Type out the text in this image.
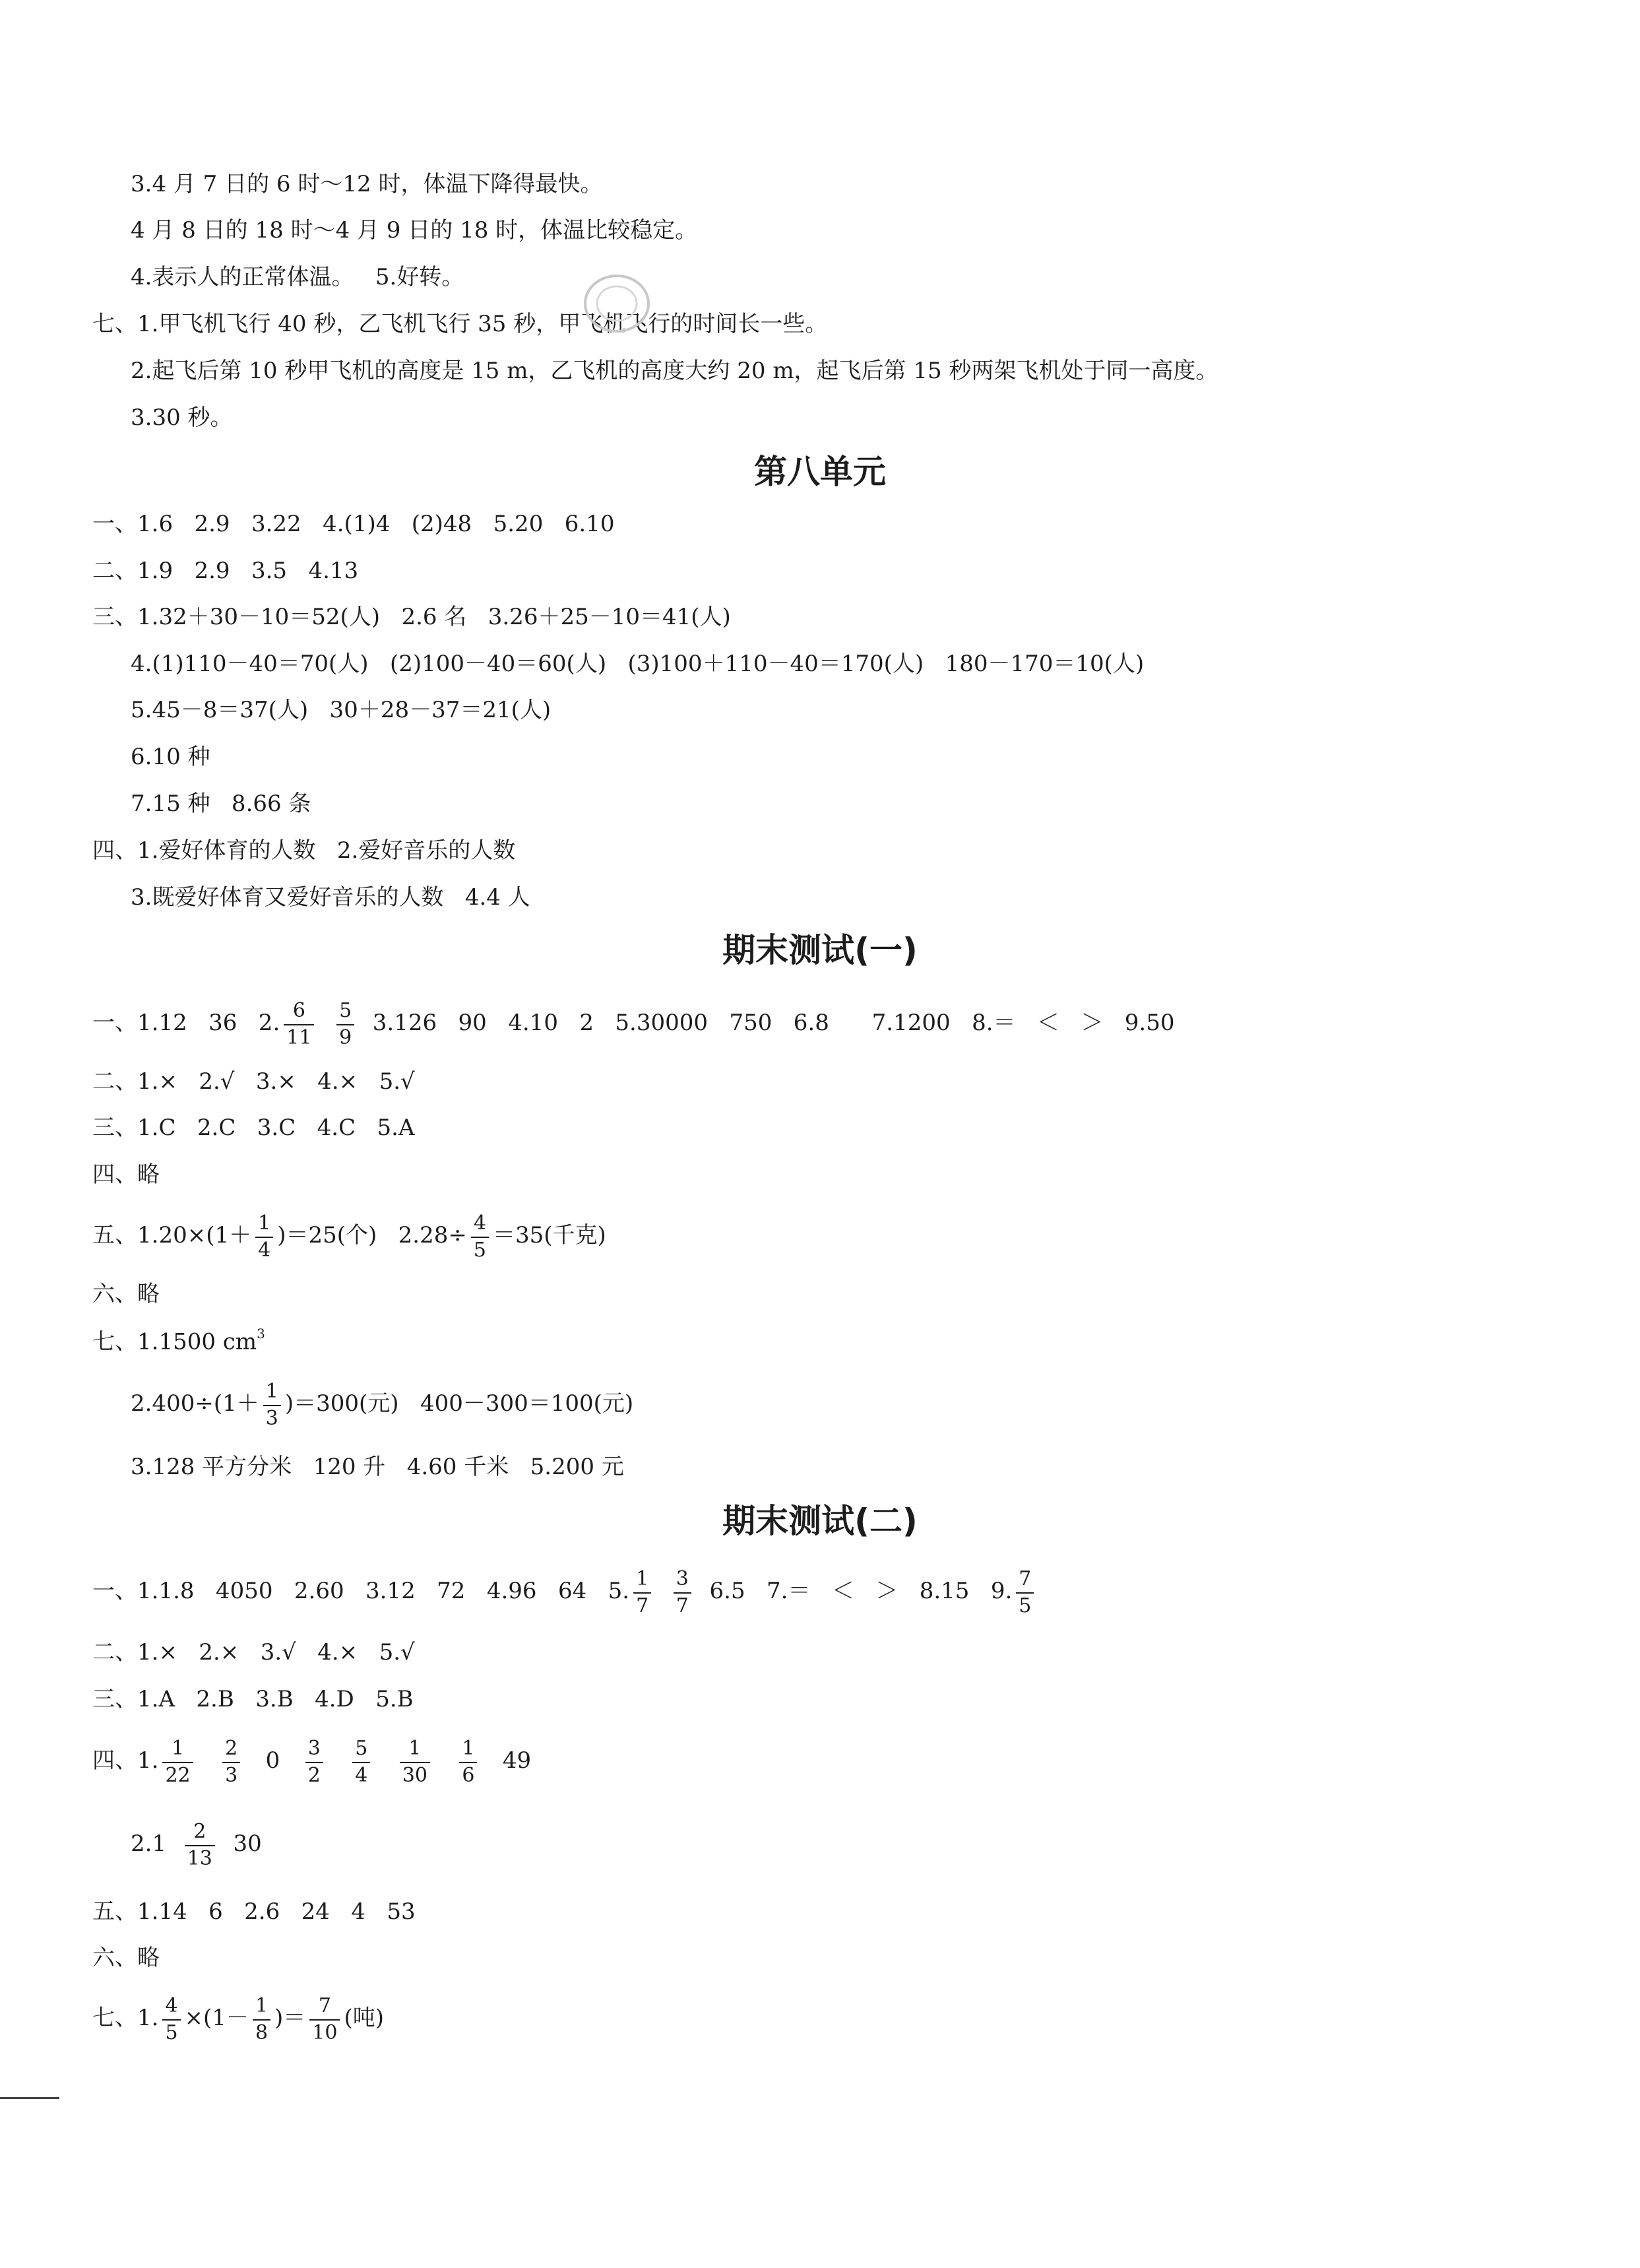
3.4 月 7 日的 6 时～12 时，体温下降得最快。
4 月 8 日的 18 时～4 月 9 日的 18 时，体温比较稳定。
4.表示人的正常体温。   5.好转。
七、1.甲飞机飞行 40 秒，乙飞机飞行 35 秒，甲飞机飞行的时间长一些。
2.起飞后第 10 秒甲飞机的高度是 15 m，乙飞机的高度大约 20 m，起飞后第 15 秒两架飞机处于同一高度。
3.30 秒。
第八单元
一、1.6   2.9   3.22   4.(1)4   (2)48   5.20   6.10
二、1.9   2.9   3.5   4.13
三、1.32＋30－10＝52(人)   2.6 名   3.26＋25－10＝41(人)
4.(1)110－40＝70(人)   (2)100－40＝60(人)   (3)100＋110－40＝170(人)   180－170＝10(人)
5.45－8＝37(人)   30＋28－37＝21(人)
6.10 种
7.15 种   8.66 条
四、1.爱好体育的人数   2.爱好音乐的人数
3.既爱好体育又爱好音乐的人数   4.4 人
期末测试(一)
一、1.12   36   2. $\frac{6}{11}$
$\frac{5}{9} 3.126$   90   4.10   2   5.30000   750   6.8      7.1200   8.＝   ＜   ＞   9.50
二、1.×   2.√   3.×   4.×   5.√
三、1.C   2.C   3.C   4.C   5.A
四、略
五、$1.20\times(1+ \frac{1}{4} )=25$(个)   $2.28\div \frac{4}{5} =35$(千克)
六、略
七、1.1500 $cm^3$
$2.400\div(1+ \frac{1}{3} )=300$(元)   400－300＝100(元)
3.128 平方分米   120 升   4.60 千米   5.200 元
期末测试(二)
一、1.1.8   4050   2.60   3.12   72   4.96   64   5. $\frac{1}{7}$
$\frac{3}{7} 6.5$   7.＝   ＜   ＞   8.15   9. $\frac{7}{5}$
二、1.×   2.×   3.√   4.×   5.√
三、1.A   2.B   3.B   4.D   5.B
四、1. $\frac{1}{22}$
$\frac{2}{3} 0 \frac{3}{2}$
$\frac{5}{4}$
$\frac{1}{30}$
$\frac{1}{6} 49$
$2.1 \frac{2}{13} 30$
五、1.14   6   2.6   24   4   53
六、略
七、1. $\frac{4}{5} \times(1- \frac{1}{8}$ )＝ $\frac{7}{10}$ (吨)
